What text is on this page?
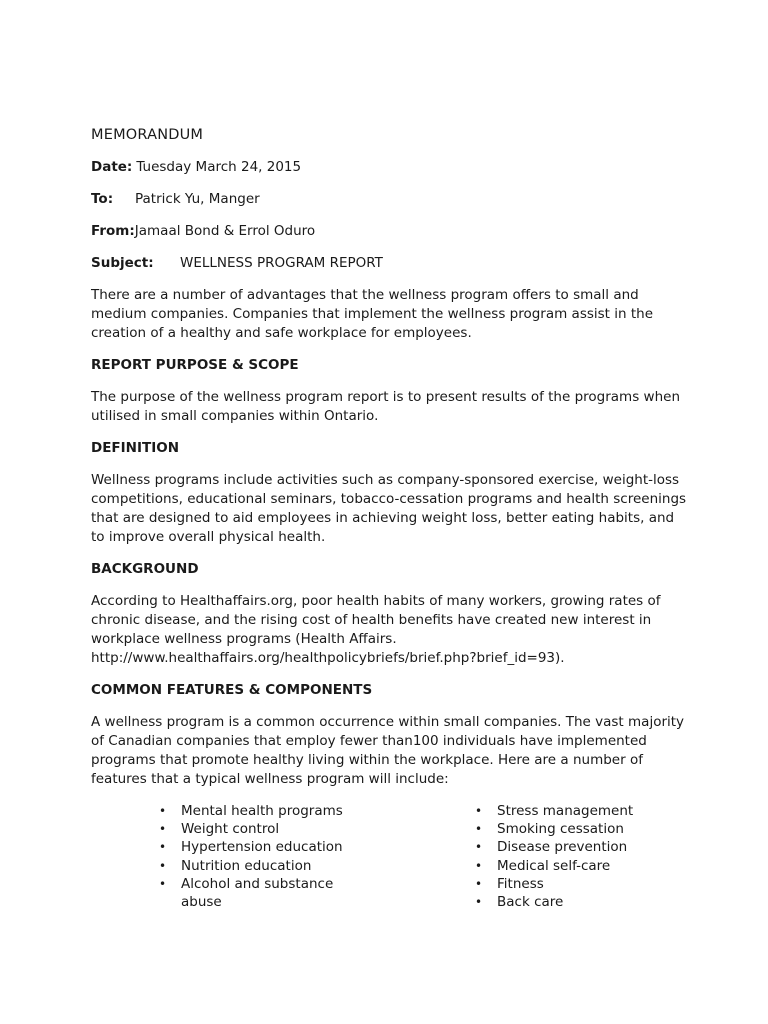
MEMORANDUM
Date: Tuesday March 24, 2015
To: Patrick Yu, Manger
From:Jamaal Bond & Errol Oduro
Subject: WELLNESS PROGRAM REPORT

There are a number of advantages that the wellness program offers to small and medium companies. Companies that implement the wellness program assist in the creation of a healthy and safe workplace for employees.

REPORT PURPOSE & SCOPE

The purpose of the wellness program report is to present results of the programs when utilised in small companies within Ontario.

DEFINITION

Wellness programs include activities such as company-sponsored exercise, weight-loss competitions, educational seminars, tobacco-cessation programs and health screenings that are designed to aid employees in achieving weight loss, better eating habits, and to improve overall physical health.

BACKGROUND

According to Healthaffairs.org, poor health habits of many workers, growing rates of chronic disease, and the rising cost of health benefits have created new interest in workplace wellness programs (Health Affairs. http://www.healthaffairs.org/healthpolicybriefs/brief.php?brief_id=93).

COMMON FEATURES & COMPONENTS

A wellness program is a common occurrence within small companies. The vast majority of Canadian companies that employ fewer than100 individuals have implemented programs that promote healthy living within the workplace. Here are a number of features that a typical wellness program will include:

• Mental health programs
• Weight control
• Hypertension education
• Nutrition education
• Alcohol and substance abuse
• Stress management
• Smoking cessation
• Disease prevention
• Medical self-care
• Fitness
• Back care
